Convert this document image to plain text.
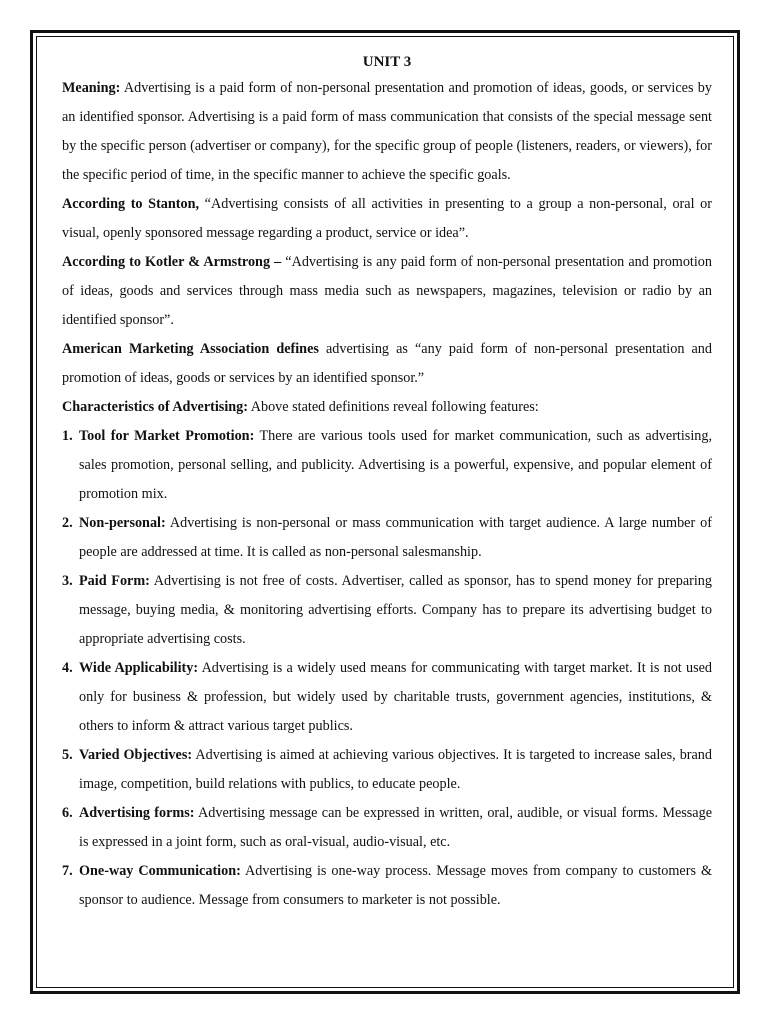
UNIT 3

Meaning: Advertising is a paid form of non-personal presentation and promotion of ideas, goods, or services by an identified sponsor. Advertising is a paid form of mass communication that consists of the special message sent by the specific person (advertiser or company), for the specific group of people (listeners, readers, or viewers), for the specific period of time, in the specific manner to achieve the specific goals.

According to Stanton, “Advertising consists of all activities in presenting to a group a non-personal, oral or visual, openly sponsored message regarding a product, service or idea”.

According to Kotler & Armstrong – “Advertising is any paid form of non-personal presentation and promotion of ideas, goods and services through mass media such as newspapers, magazines, television or radio by an identified sponsor”.

American Marketing Association defines advertising as “any paid form of non-personal presentation and promotion of ideas, goods or services by an identified sponsor.”

Characteristics of Advertising: Above stated definitions reveal following features:

1. Tool for Market Promotion: There are various tools used for market communication, such as advertising, sales promotion, personal selling, and publicity. Advertising is a powerful, expensive, and popular element of promotion mix.
2. Non-personal: Advertising is non-personal or mass communication with target audience. A large number of people are addressed at time. It is called as non-personal salesmanship.
3. Paid Form: Advertising is not free of costs. Advertiser, called as sponsor, has to spend money for preparing message, buying media, & monitoring advertising efforts. Company has to prepare its advertising budget to appropriate advertising costs.
4. Wide Applicability: Advertising is a widely used means for communicating with target market. It is not used only for business & profession, but widely used by charitable trusts, government agencies, institutions, & others to inform & attract various target publics.
5. Varied Objectives: Advertising is aimed at achieving various objectives. It is targeted to increase sales, brand image, competition, build relations with publics, to educate people.
6. Advertising forms: Advertising message can be expressed in written, oral, audible, or visual forms. Message is expressed in a joint form, such as oral-visual, audio-visual, etc.
7. One-way Communication: Advertising is one-way process. Message moves from company to customers & sponsor to audience. Message from consumers to marketer is not possible.
